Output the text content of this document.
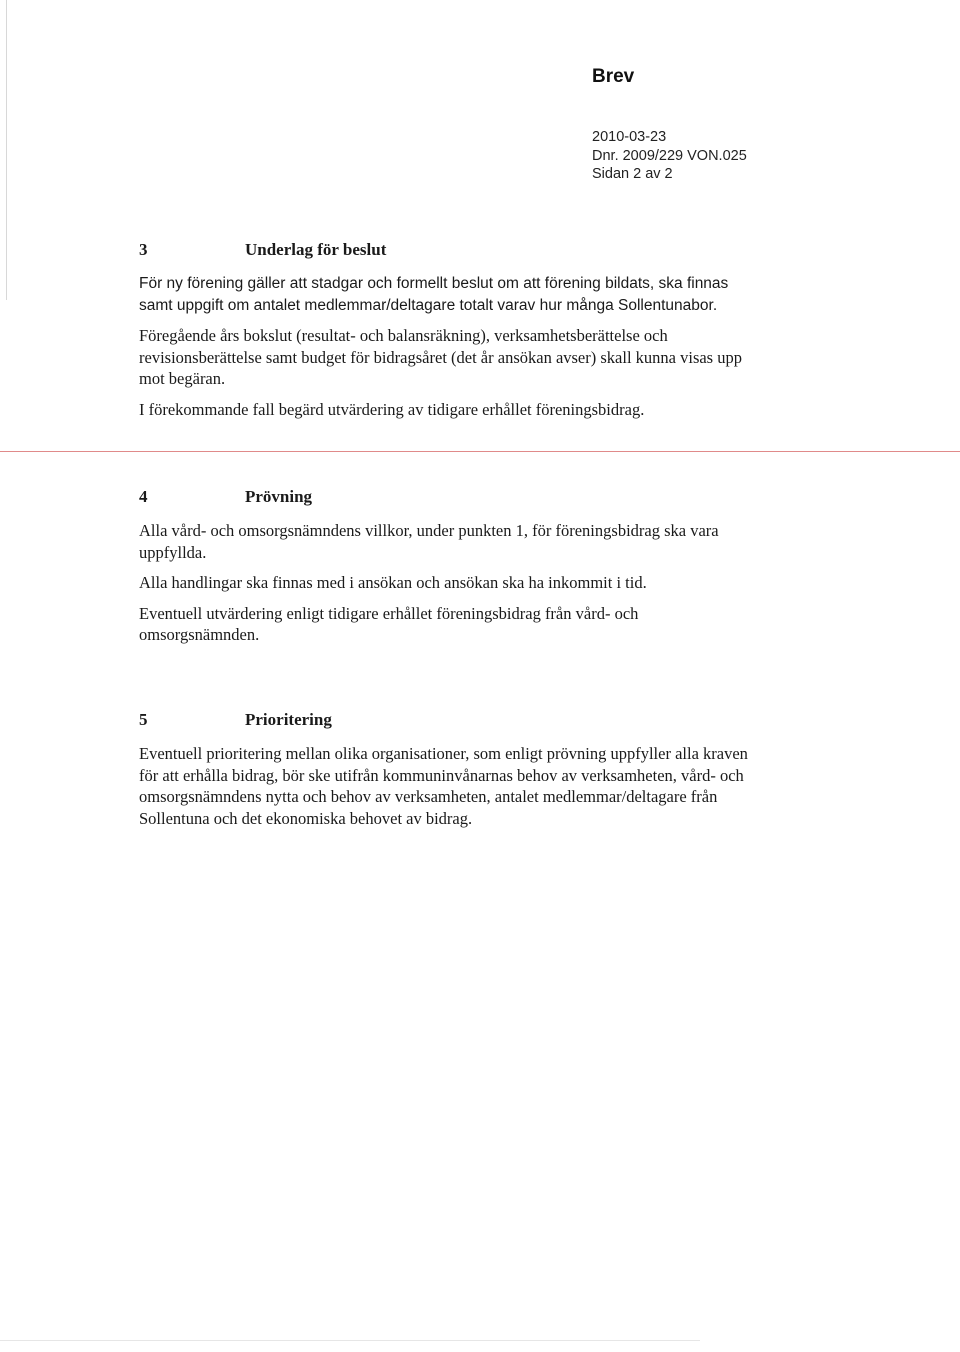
Brev
2010-03-23
Dnr. 2009/229 VON.025
Sidan 2 av 2
3	Underlag för beslut
För ny förening gäller att stadgar och formellt beslut om att förening bildats, ska finnas samt uppgift om antalet medlemmar/deltagare totalt varav hur många Sollentunabor.
Föregående års bokslut (resultat- och balansräkning), verksamhetsberättelse och revisionsberättelse samt budget för bidragsåret (det år ansökan avser) skall kunna visas upp mot begäran.
I förekommande fall begärd utvärdering av tidigare erhållet föreningsbidrag.
4	Prövning
Alla vård- och omsorgsnämndens villkor, under punkten 1, för föreningsbidrag ska vara uppfyllda.
Alla handlingar ska finnas med i ansökan och ansökan ska ha inkommit i tid.
Eventuell utvärdering enligt tidigare erhållet föreningsbidrag från vård- och omsorgsnämnden.
5	Prioritering
Eventuell prioritering mellan olika organisationer, som enligt prövning uppfyller alla kraven för att erhålla bidrag, bör ske utifrån kommuninvånarnas behov av verksamheten, vård- och omsorgsnämndens nytta och behov av verksamheten, antalet medlemmar/deltagare från Sollentuna och det ekonomiska behovet av bidrag.
